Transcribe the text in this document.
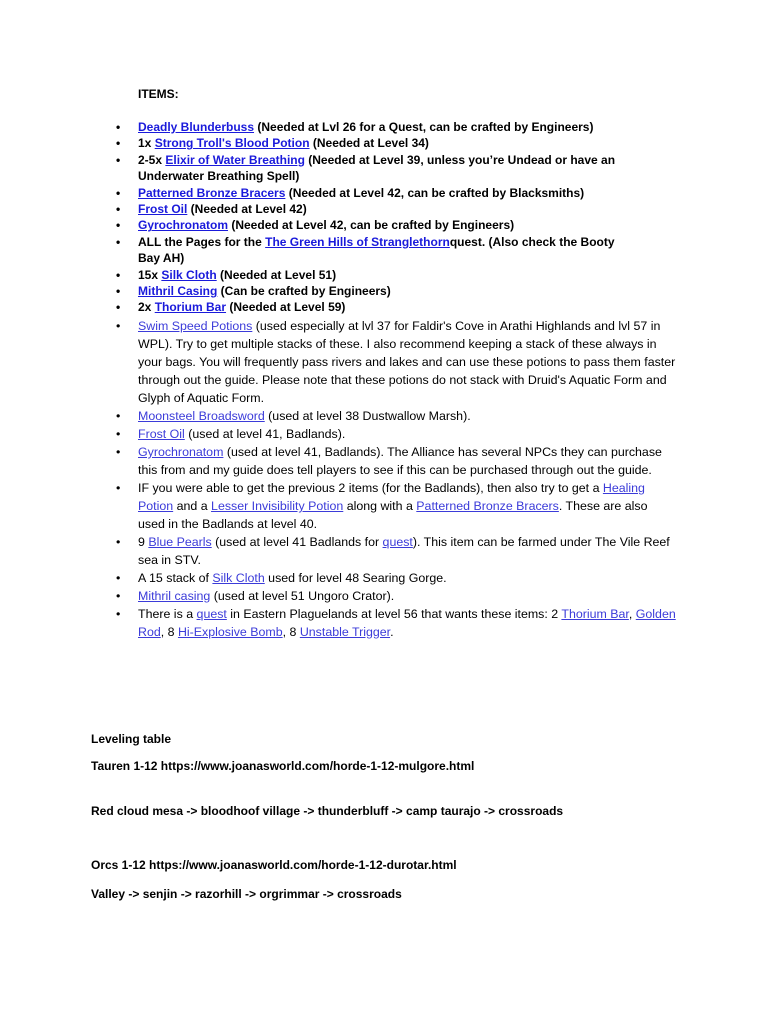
ITEMS:
• Deadly Blunderbuss (Needed at Lvl 26 for a Quest, can be crafted by Engineers)
• 1x Strong Troll's Blood Potion (Needed at Level 34)
• 2-5x Elixir of Water Breathing (Needed at Level 39, unless you’re Undead or have an Underwater Breathing Spell)
• Patterned Bronze Bracers (Needed at Level 42, can be crafted by Blacksmiths)
• Frost Oil (Needed at Level 42)
• Gyrochronatom (Needed at Level 42, can be crafted by Engineers)
• ALL the Pages for the The Green Hills of Stranglethornquest. (Also check the Booty Bay AH)
• 15x Silk Cloth (Needed at Level 51)
• Mithril Casing (Can be crafted by Engineers)
• 2x Thorium Bar (Needed at Level 59)
• Swim Speed Potions (used especially at lvl 37 for Faldir's Cove in Arathi Highlands and lvl 57 in WPL). Try to get multiple stacks of these. I also recommend keeping a stack of these always in your bags. You will frequently pass rivers and lakes and can use these potions to pass them faster through out the guide. Please note that these potions do not stack with Druid's Aquatic Form and Glyph of Aquatic Form.
• Moonsteel Broadsword (used at level 38 Dustwallow Marsh).
• Frost Oil (used at level 41, Badlands).
• Gyrochronatom (used at level 41, Badlands). The Alliance has several NPCs they can purchase this from and my guide does tell players to see if this can be purchased through out the guide.
• IF you were able to get the previous 2 items (for the Badlands), then also try to get a Healing Potion and a Lesser Invisibility Potion along with a Patterned Bronze Bracers. These are also used in the Badlands at level 40.
• 9 Blue Pearls (used at level 41 Badlands for quest). This item can be farmed under The Vile Reef sea in STV.
• A 15 stack of Silk Cloth used for level 48 Searing Gorge.
• Mithril casing (used at level 51 Ungoro Crator).
• There is a quest in Eastern Plaguelands at level 56 that wants these items: 2 Thorium Bar, Golden Rod, 8 Hi-Explosive Bomb, 8 Unstable Trigger.
Leveling table
Tauren 1-12 https://www.joanasworld.com/horde-1-12-mulgore.html
Red cloud mesa -> bloodhoof village -> thunderbluff -> camp taurajo -> crossroads
Orcs 1-12 https://www.joanasworld.com/horde-1-12-durotar.html
Valley -> senjin -> razorhill -> orgrimmar -> crossroads
